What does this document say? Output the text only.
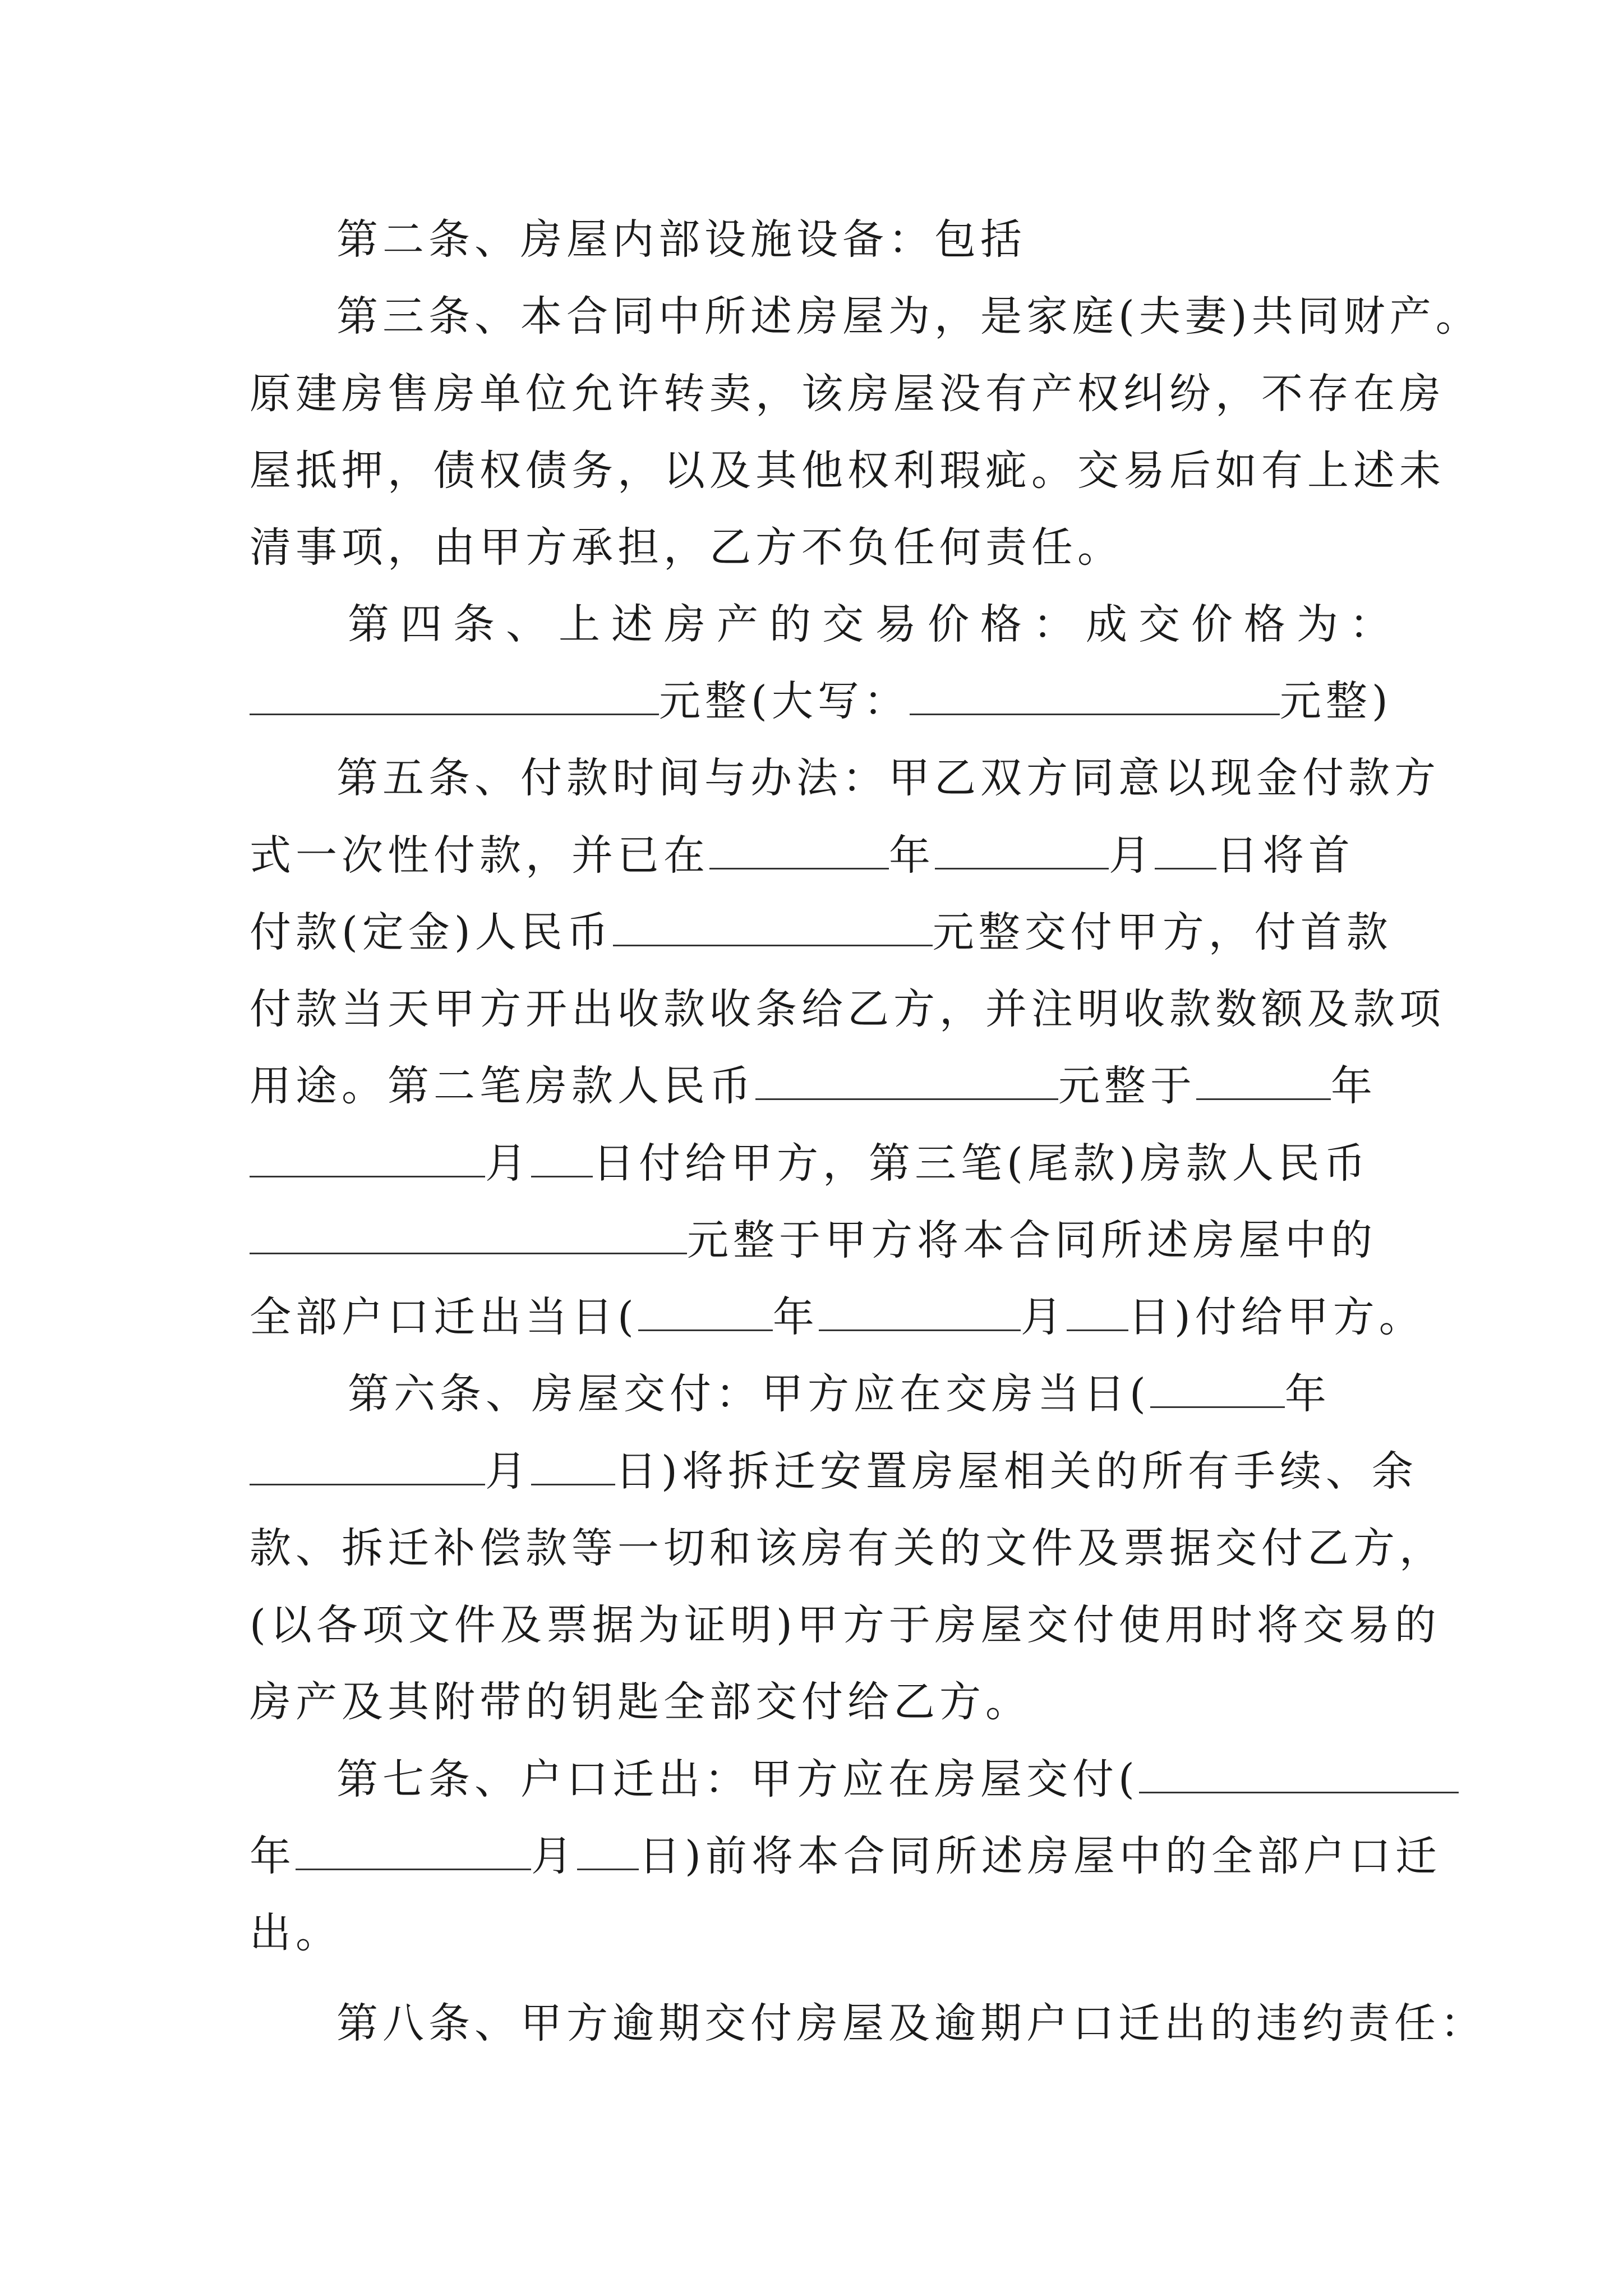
第二条、房屋内部设施设备：包括
第三条、本合同中所述房屋为，是家庭(夫妻)共同财产。
原建房售房单位允许转卖，该房屋没有产权纠纷，不存在房
屋抵押，债权债务，以及其他权利瑕疵。交易后如有上述未
清事项，由甲方承担，乙方不负任何责任。
第 四 条 、 上 述 房 产 的 交 易 价 格 ： 成 交 价 格 为 ：
元整(大写：	元整)
第五条、付款时间与办法：甲乙双方同意以现金付款方
式一次性付款，并已在	年	月 日将首
付款(定金)人民币	元整交付甲方，付首款
付款当天甲方开出收款收条给乙方，并注明收款数额及款项
用途。第二笔房款人民币	元整于	年
月 日付给甲方，第三笔(尾款)房款人民币
元整于甲方将本合同所述房屋中的
全部户口迁出当日(	年	月 日)付给甲方。
第六条、房屋交付：甲方应在交房当日(	年
月 日)将拆迁安置房屋相关的所有手续、余
款、拆迁补偿款等一切和该房有关的文件及票据交付乙方，
(以各项文件及票据为证明)甲方于房屋交付使用时将交易的
房产及其附带的钥匙全部交付给乙方。
第七条、户口迁出：甲方应在房屋交付(
年	月 日)前将本合同所述房屋中的全部户口迁
出。
第八条、甲方逾期交付房屋及逾期户口迁出的违约责任：
